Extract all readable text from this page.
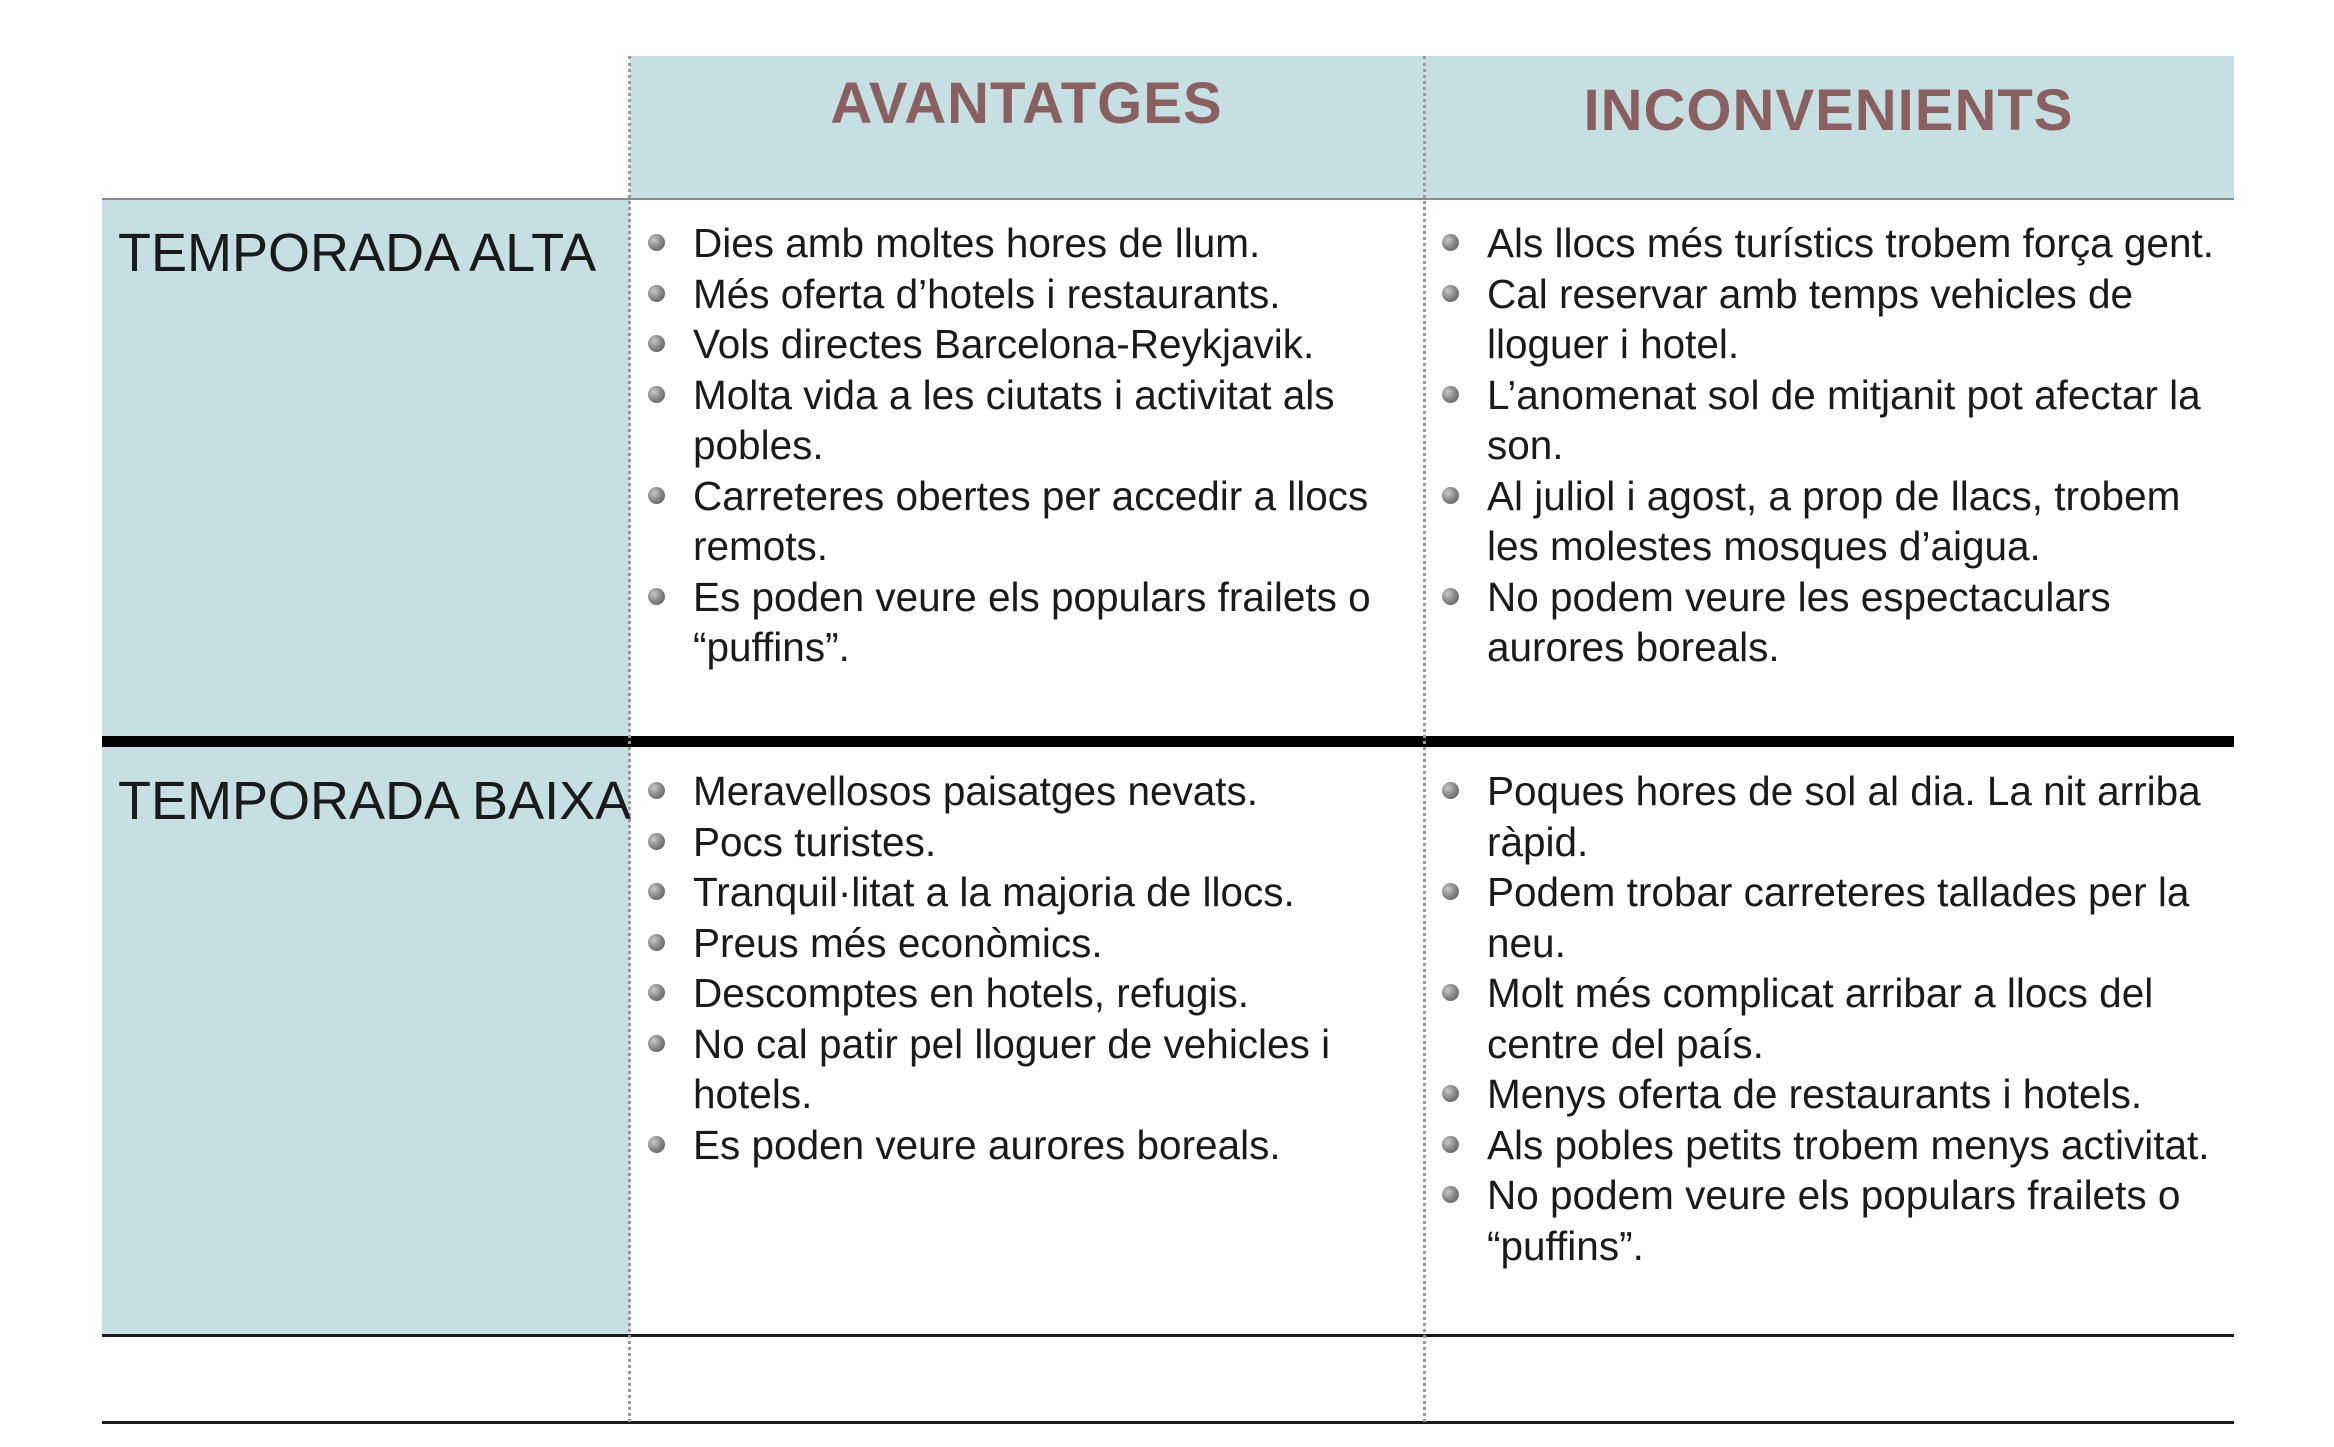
AVANTATGES	INCONVENIENTS
TEMPORADA ALTA
TEMPORADA BAIXA
Dies amb moltes hores de llum.
Més oferta d’hotels i restaurants.
Vols directes Barcelona-Reykjavik.
Molta vida a les ciutats i activitat als pobles.
Carreteres obertes per accedir a llocs remots.
Es poden veure els populars frailets o “puffins”.
Als llocs més turístics trobem força gent.
Cal reservar amb temps vehicles de lloguer i hotel.
L’anomenat sol de mitjanit pot afectar la son.
Al juliol i agost, a prop de llacs, trobem les molestes mosques d’aigua.
No podem veure les espectaculars aurores boreals.
Meravellosos paisatges nevats.
Pocs turistes.
Tranquil·litat a la majoria de llocs.
Preus més econòmics.
Descomptes en hotels, refugis.
No cal patir pel lloguer de vehicles i hotels.
Es poden veure aurores boreals.
Poques hores de sol al dia. La nit arriba ràpid.
Podem trobar carreteres tallades per la neu.
Molt més complicat arribar a llocs del centre del país.
Menys oferta de restaurants i hotels.
Als pobles petits trobem menys activitat.
No podem veure els populars frailets o “puffins”.
